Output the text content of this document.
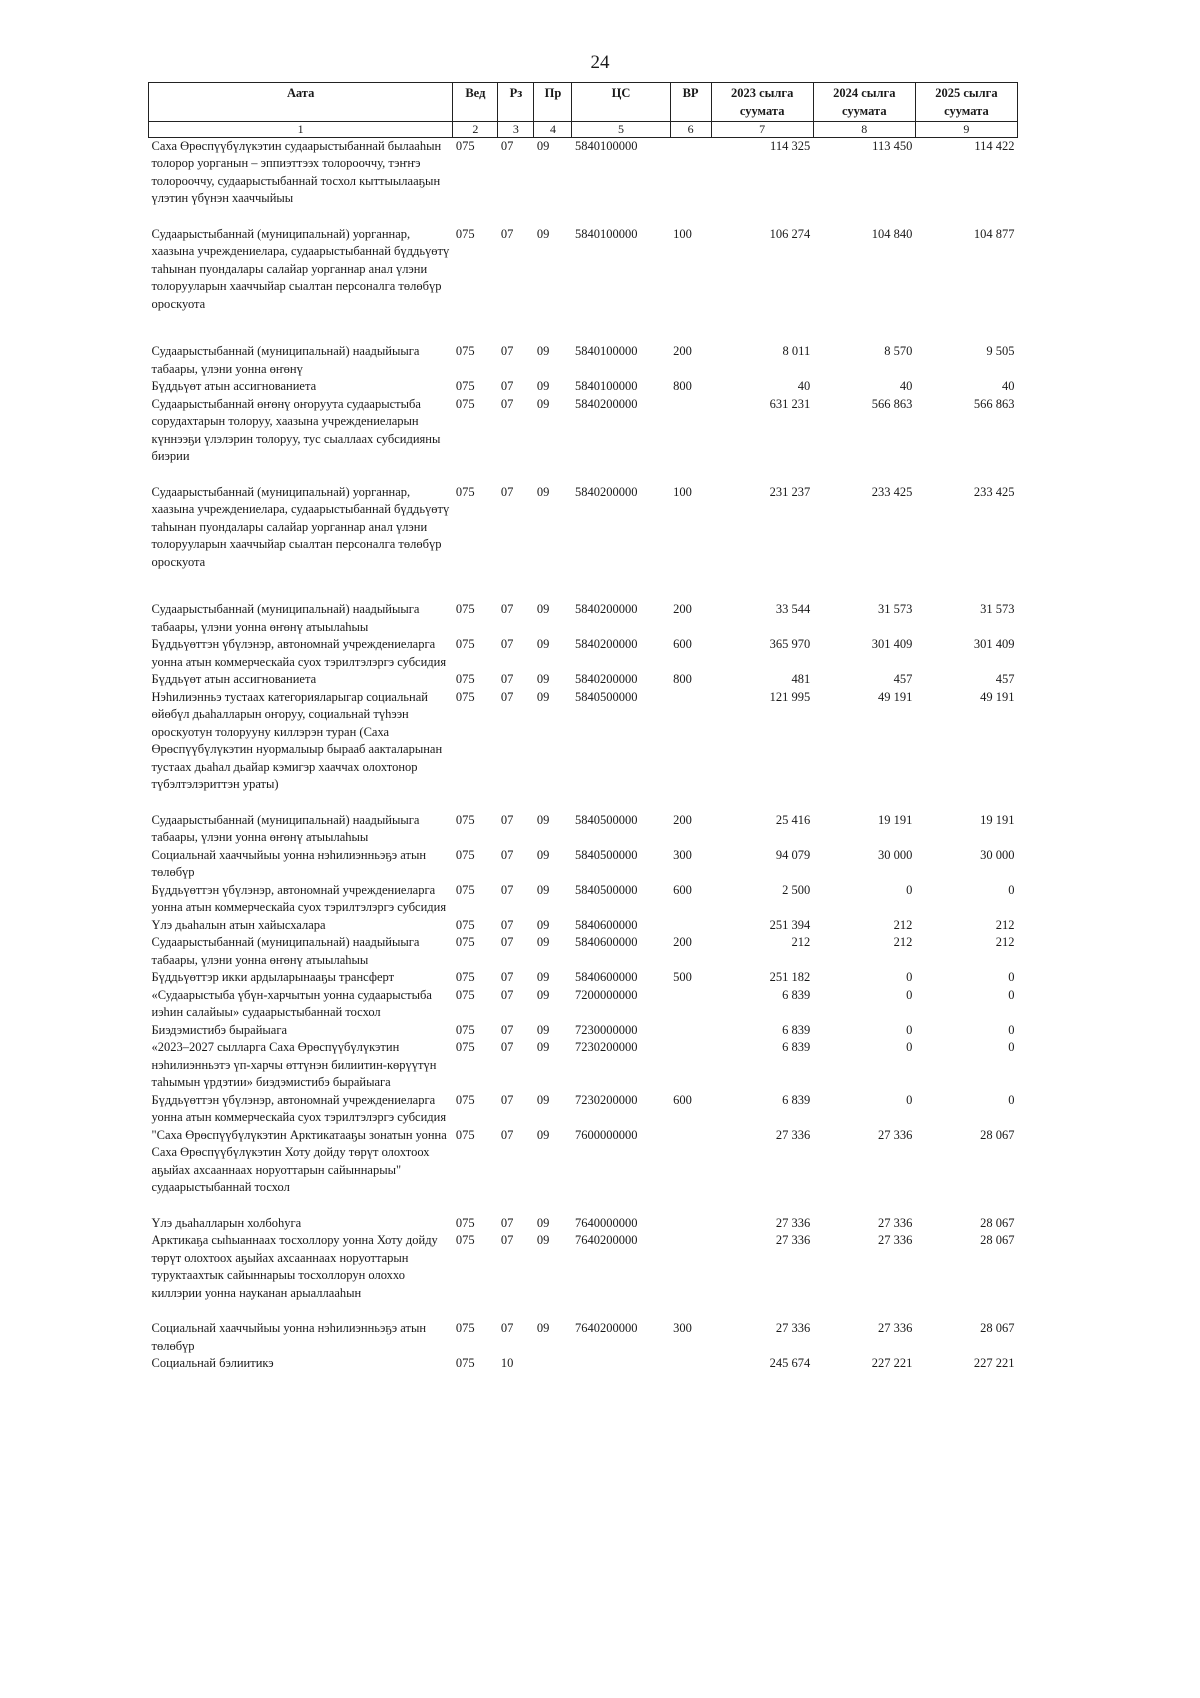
24
Аата	Вед	Рз	Пр	ЦС	ВР	2023 сылга суумата	2024 сылга суумата	2025 сылга суумата
1	2	3	4	5	6	7	8	9
Саха Өрөспүүбүлүкэтин судаарыстыбаннай былааһын толорор уорганын – эппиэттээх толорооччу, тэҥҥэ толорооччу, судаарыстыбаннай тосхол кыттыылааҕын үлэтин үбүнэн хааччыйыы	075	07	09	5840100000		114 325	113 450	114 422

Судаарыстыбаннай (муниципальнай) уорганнар, хаазына учреждениелара, судаарыстыбаннай бүддьүөтү таһынан пуондалары салайар уорганнар анал үлэни толорууларын хааччыйар сыалтан персоналга төлөбүр ороскуота	075	07	09	5840100000	100	106 274	104 840	104 877

Судаарыстыбаннай (муниципальнай) наадыйыыга табаары, үлэни уонна өҥөнү	075	07	09	5840100000	200	8 011	8 570	9 505
Бүддьүөт атын ассигнованиета	075	07	09	5840100000	800	40	40	40
Судаарыстыбаннай өҥөнү оҥоруута судаарыстыба сорудахтарын толоруу, хаазына учреждениеларын күннээҕи үлэлэрин толоруу, тус сыаллаах субсидияны биэрии	075	07	09	5840200000		631 231	566 863	566 863

Судаарыстыбаннай (муниципальнай) уорганнар, хаазына учреждениелара, судаарыстыбаннай бүддьүөтү таһынан пуондалары салайар уорганнар анал үлэни толорууларын хааччыйар сыалтан персоналга төлөбүр ороскуота	075	07	09	5840200000	100	231 237	233 425	233 425

Судаарыстыбаннай (муниципальнай) наадыйыыга табаары, үлэни уонна өҥөнү атыылаһыы	075	07	09	5840200000	200	33 544	31 573	31 573
Бүддьүөттэн үбүлэнэр, автономнай учреждениеларга уонна атын коммерческайа суох тэрилтэлэргэ субсидия	075	07	09	5840200000	600	365 970	301 409	301 409
Бүддьүөт атын ассигнованиета	075	07	09	5840200000	800	481	457	457
Нэһилиэнньэ тустаах категорияларыгар социальнай өйөбүл дьаһалларын оҥоруу, социальнай түһээн ороскуотун толорууну киллэрэн туран (Саха Өрөспүүбүлүкэтин нуормалыыр бырааб аакталарынан тустаах дьаһал дьайар кэмигэр хааччах олохтонор түбэлтэлэриттэн ураты)	075	07	09	5840500000		121 995	49 191	49 191

Судаарыстыбаннай (муниципальнай) наадыйыыга табаары, үлэни уонна өҥөнү атыылаһыы	075	07	09	5840500000	200	25 416	19 191	19 191
Социальнай хааччыйыы уонна нэһилиэнньэҕэ атын төлөбүр	075	07	09	5840500000	300	94 079	30 000	30 000
Бүддьүөттэн үбүлэнэр, автономнай учреждениеларга уонна атын коммерческайа суох тэрилтэлэргэ субсидия	075	07	09	5840500000	600	2 500	0	0
Үлэ дьаһалын атын хайысхалара	075	07	09	5840600000		251 394	212	212
Судаарыстыбаннай (муниципальнай) наадыйыыга табаары, үлэни уонна өҥөнү атыылаһыы	075	07	09	5840600000	200	212	212	212
Бүддьүөттэр икки ардыларынааҕы трансферт	075	07	09	5840600000	500	251 182	0	0
«Судаарыстыба үбүн-харчытын уонна судаарыстыба иэһин салайыы» судаарыстыбаннай тосхол	075	07	09	7200000000		6 839	0	0
Биэдэмистибэ бырайыага	075	07	09	7230000000		6 839	0	0
«2023–2027 сылларга Саха Өрөспүүбүлүкэтин нэһилиэнньэтэ үп-харчы өттүнэн билиитин-көрүүтүн таһымын үрдэтии» биэдэмистибэ бырайыага	075	07	09	7230200000		6 839	0	0
Бүддьүөттэн үбүлэнэр, автономнай учреждениеларга уонна атын коммерческайа суох тэрилтэлэргэ субсидия	075	07	09	7230200000	600	6 839	0	0
"Саха Өрөспүүбүлүкэтин Арктикатааҕы зонатын уонна Саха Өрөспүүбүлүкэтин Хоту дойду төрүт олохтоох аҕыйах ахсааннаах норуоттарын сайыннарыы" судаарыстыбаннай тосхол	075	07	09	7600000000		27 336	27 336	28 067

Үлэ дьаһалларын холбоһуга	075	07	09	7640000000		27 336	27 336	28 067
Арктикаҕа сыһыаннаах тосхоллору уонна Хоту дойду төрүт олохтоох аҕыйах ахсааннаах норуоттарын туруктаахтык сайыннарыы тосхоллорун олоххо киллэрии уонна науканан арыаллааһын	075	07	09	7640200000		27 336	27 336	28 067

Социальнай хааччыйыы уонна нэһилиэнньэҕэ атын төлөбүр	075	07	09	7640200000	300	27 336	27 336	28 067
Социальнай бэлиитикэ	075	10				245 674	227 221	227 221
